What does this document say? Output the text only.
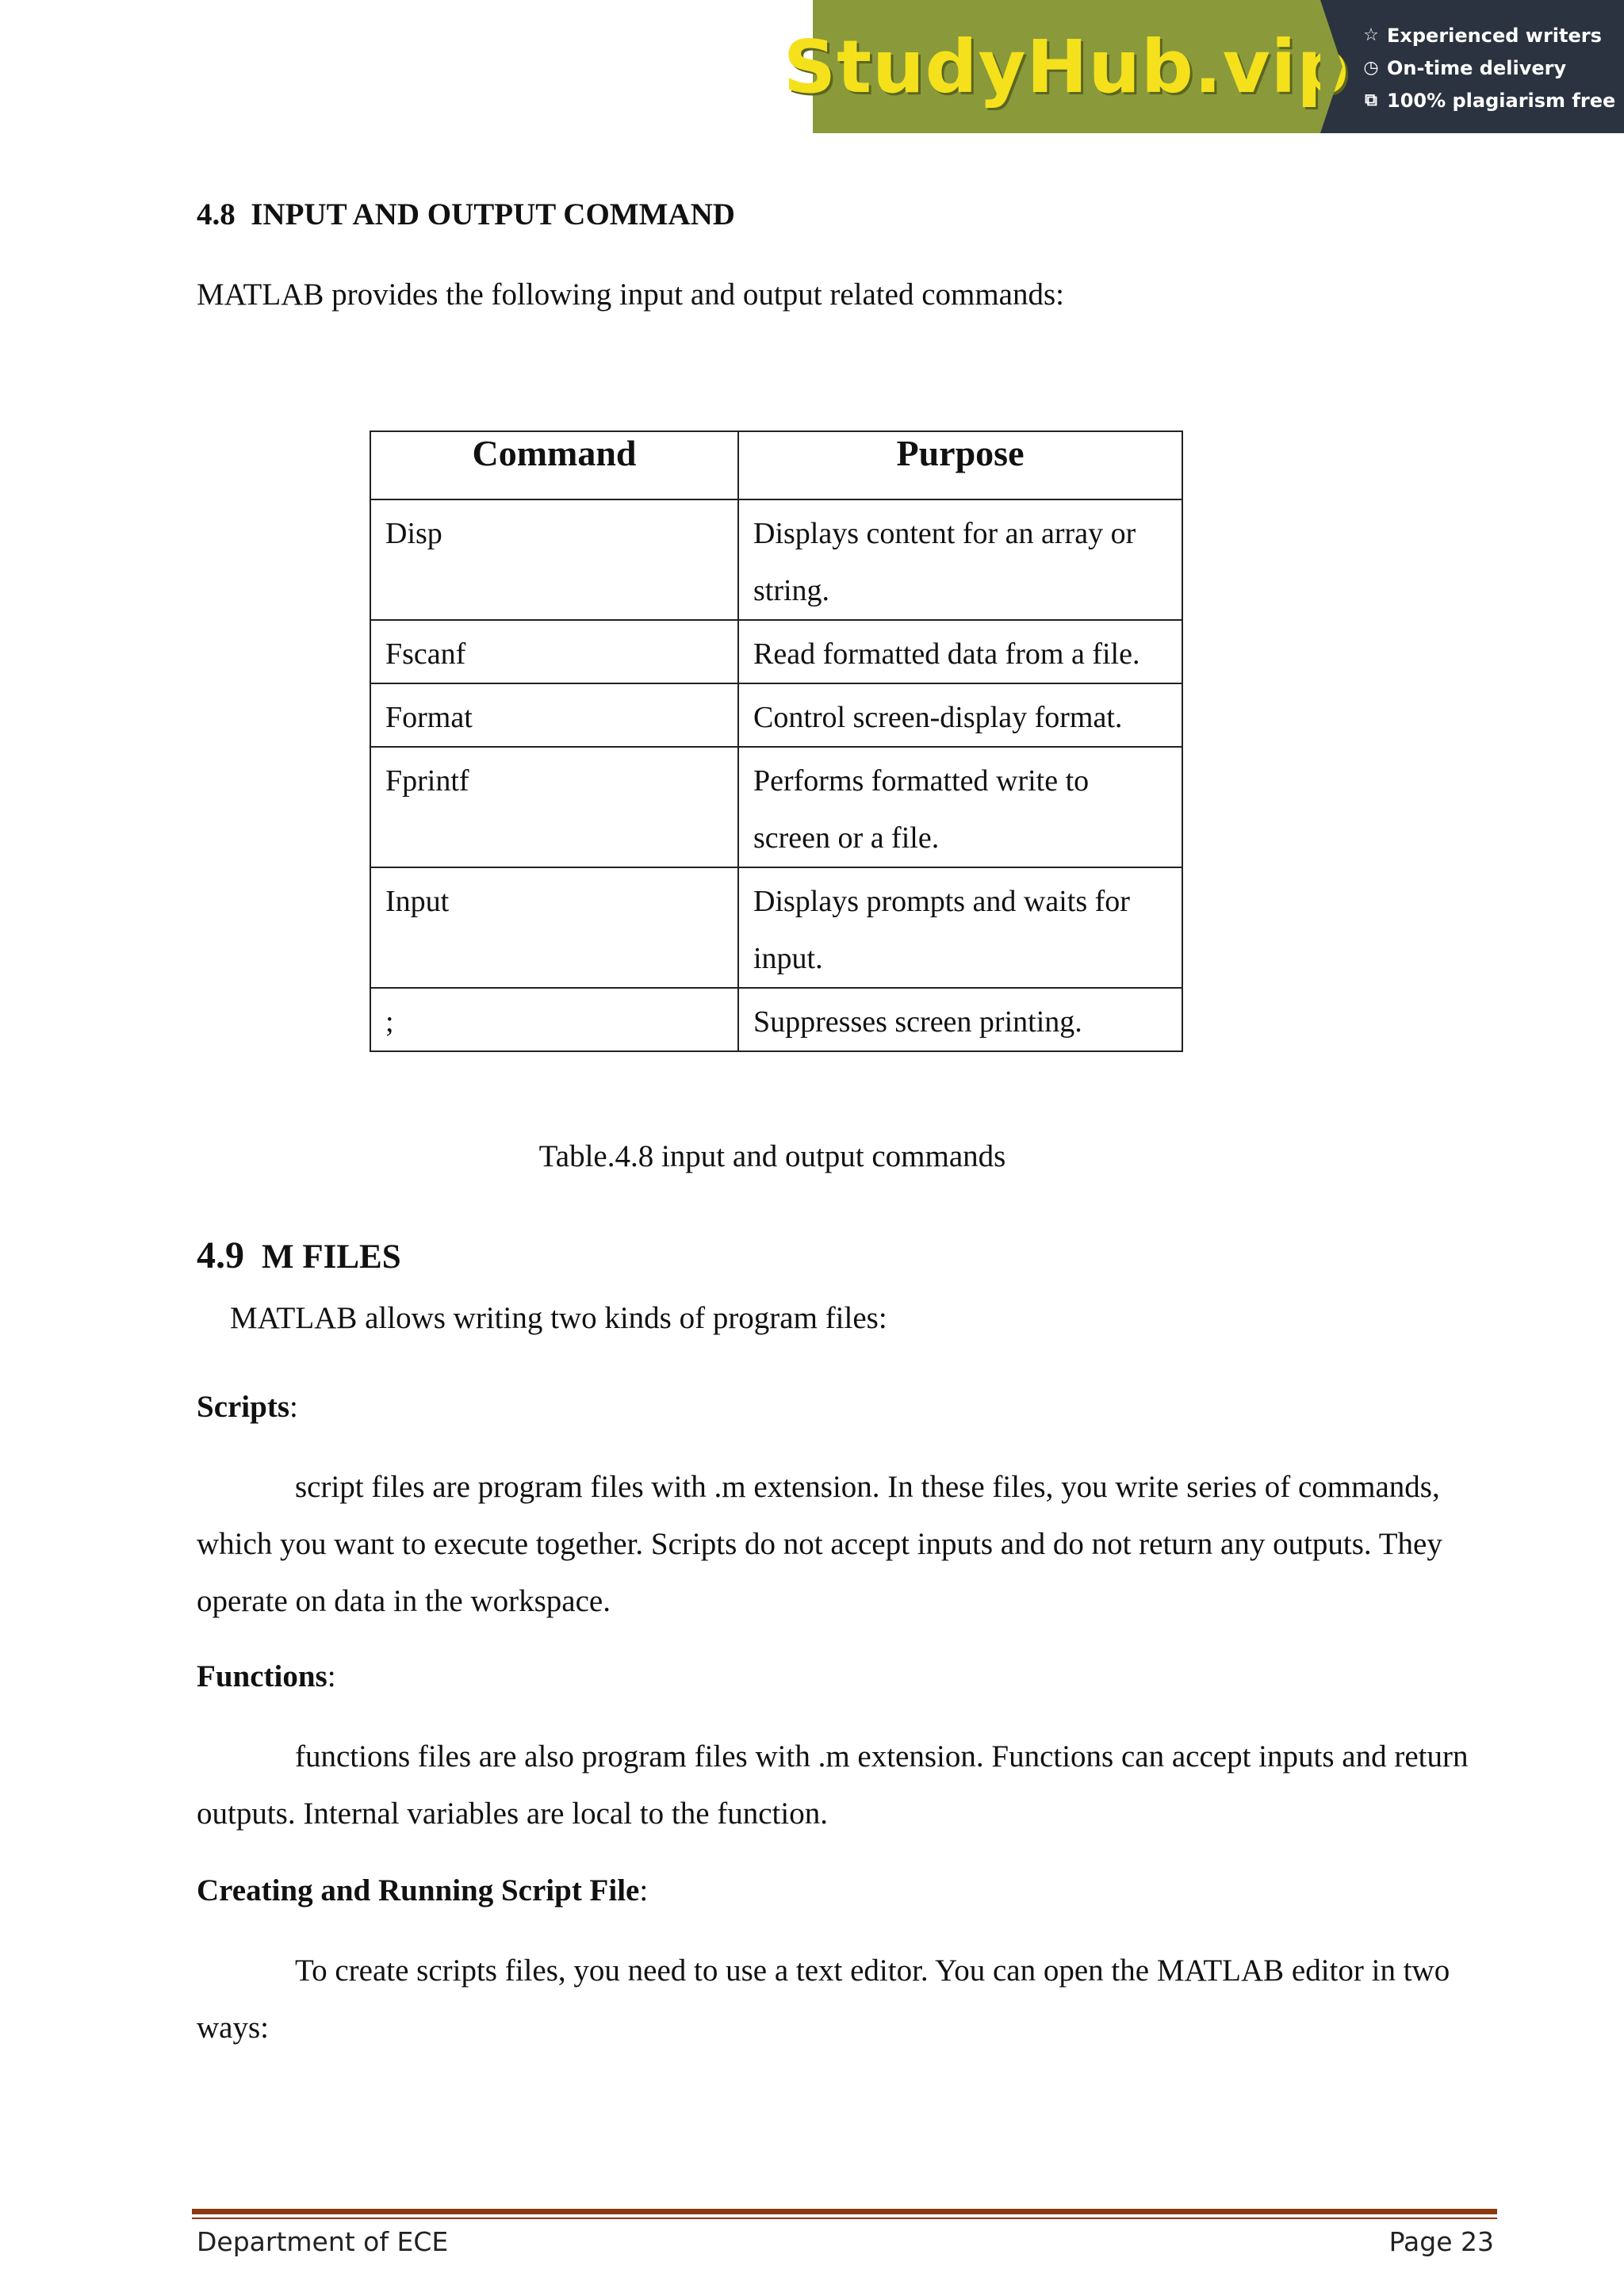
StudyHub.vip ☆ Experienced writers
◷ On-time delivery
⧉ 100% plagiarism free
4.8  INPUT AND OUTPUT COMMAND
MATLAB provides the following input and output related commands:
Command	Purpose
Disp	Displays content for an array or string.
Fscanf	Read formatted data from a file.
Format	Control screen-display format.
Fprintf	Performs formatted write to screen or a file.
Input	Displays prompts and waits for input.
;	Suppresses screen printing.
Table.4.8 input and output commands
4.9 M FILES
MATLAB allows writing two kinds of program files:
Scripts:
script files are program files with .m extension. In these files, you write series of commands, which you want to execute together. Scripts do not accept inputs and do not return any outputs. They operate on data in the workspace.
Functions:
functions files are also program files with .m extension. Functions can accept inputs and return outputs. Internal variables are local to the function.
Creating and Running Script File:
To create scripts files, you need to use a text editor. You can open the MATLAB editor in two ways:
Department of ECE	Page 23
